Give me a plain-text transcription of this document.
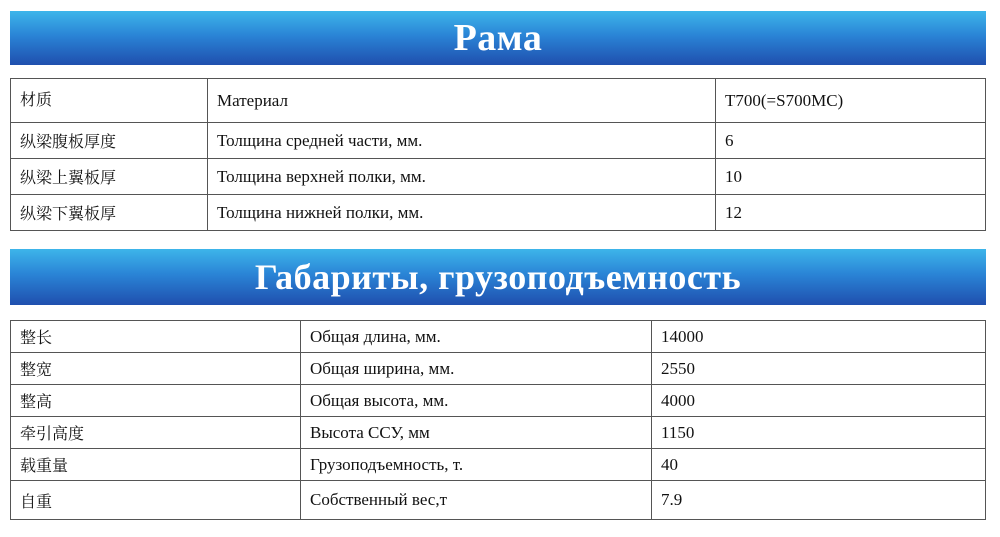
Рама
材质	Материал	T700(=S700MC)
纵梁腹板厚度	Толщина средней части, мм.	6
纵梁上翼板厚	Толщина верхней полки, мм.	10
纵梁下翼板厚	Толщина нижней полки, мм.	12
Габариты, грузоподъемность
整长	Общая длина, мм.	14000
整宽	Общая ширина, мм.	2550
整高	Общая высота, мм.	4000
牵引高度	Высота ССУ, мм	1150
载重量	Грузоподъемность, т.	40
自重	Собственный вес,т	7.9
